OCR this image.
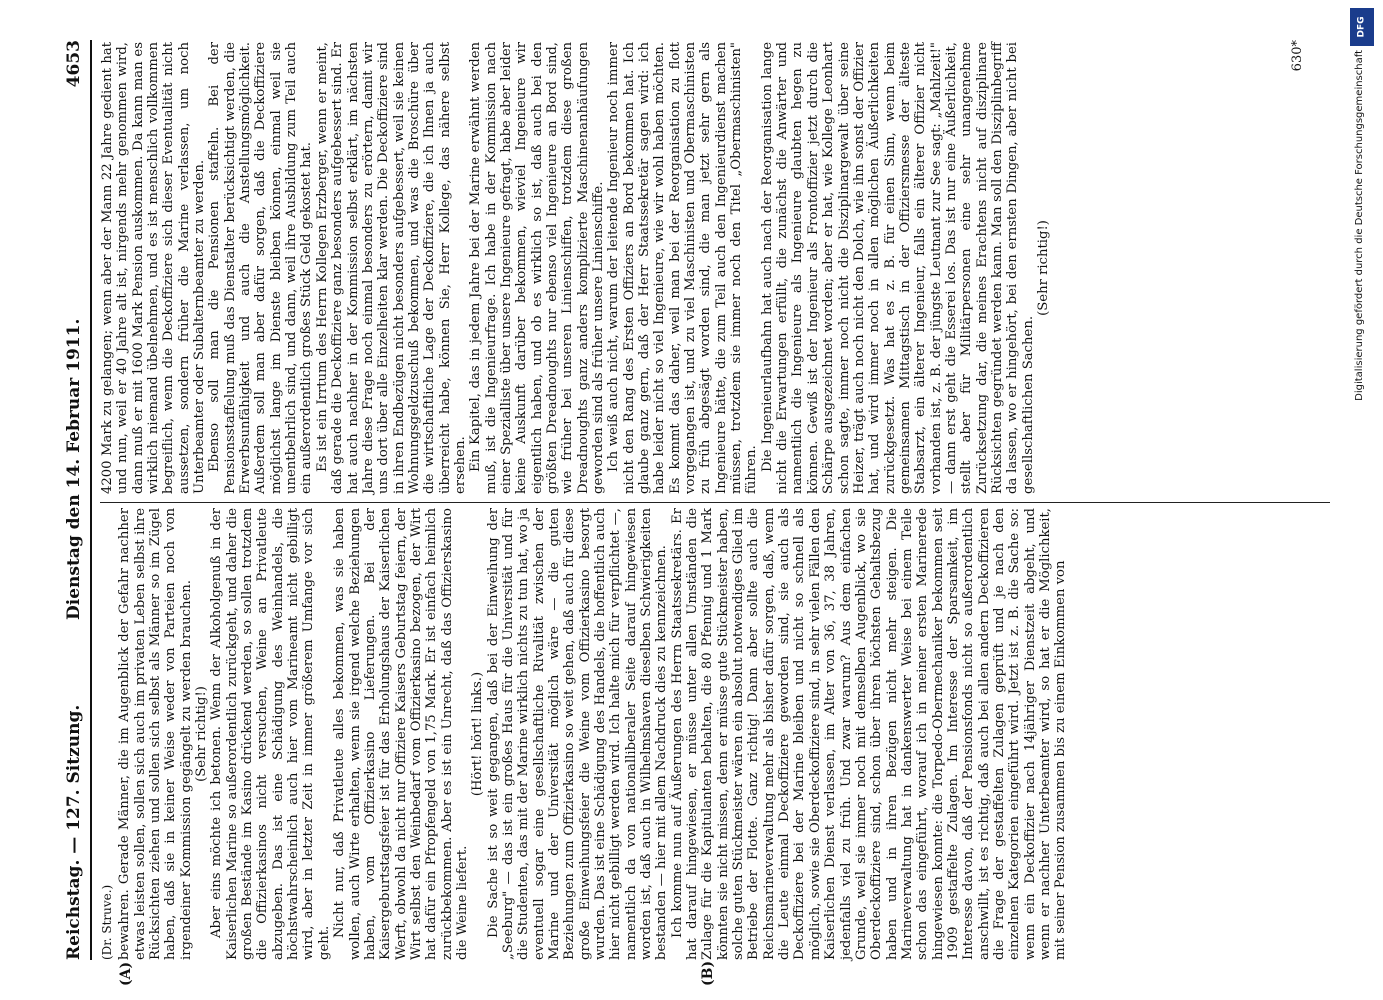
Reichstag. — 127. Sitzung.
Dienstag den 14. Februar 1911.
4653
(A)	(B)
(Dr. Struve.) bewahren. Gerade Männer, die im Augenblick der Gefahr nachher etwas leisten sollen, sollen sich auch im privaten Leben selbst ihre Rücksichten ziehen und sollen sich selbst als Männer so im Zügel haben, daß sie in keiner Weise weder von Parteien noch von irgendeiner Kommission gegängelt zu werden brauchen. (Sehr richtig!) Aber eins möchte ich betonen. Wenn der Alkoholgenuß in der Kaiserlichen Marine so außerordentlich zurückgeht, und daher die großen Bestände im Kasino drückend werden, so sollen trotzdem die Offizierkasinos nicht versuchen, Weine an Privatleute abzugeben. Das ist eine Schädigung des Weinhandels, die höchstwahrscheinlich auch hier vom Marineamt nicht gebilligt wird, aber in letzter Zeit in immer größerem Umfange vor sich geht.

Nicht nur, daß Privatleute alles bekommen, was sie haben wollen, auch Wirte erhalten, wenn sie irgend welche Beziehungen haben, vom Offizierkasino Lieferungen. Bei der Kaisergeburtstagsfeier ist für das Erholungshaus der Kaiserlichen Werft, obwohl da nicht nur Offiziere Kaisers Geburtstag feiern, der Wirt selbst den Weinbedarf vom Offizierkasino bezogen, der Wirt hat dafür ein Pfropfengeld von 1,75 Mark. Er ist einfach heimlich zurückbekommen. Aber es ist ein Unrecht, daß das Offizierskasino die Weine liefert.

(Hört! hört! links.) Die Sache ist so weit gegangen, daß bei der Einweihung der „Seeburg" — das ist ein großes Haus für die Universität und für die Studenten, das mit der Marine wirklich nichts zu tun hat, wo ja eventuell sogar eine gesellschaftliche Rivalität zwischen der Marine und der Universität möglich wäre — die guten Beziehungen zum Offizierkasino so weit gehen, daß auch für diese große Einweihungsfeier die Weine vom Offizierkasino besorgt wurden. Das ist eine Schädigung des Handels, die hoffentlich auch hier nicht gebilligt werden wird. Ich halte mich für verpflichtet —, namentlich da von nationalliberaler Seite darauf hingewiesen worden ist, daß auch in Wilhelmshaven dieselben Schwierigkeiten bestanden — hier mit allem Nachdruck dies zu kennzeichnen. Ich komme nun auf Äußerungen des Herrn Staatssekretärs. Er hat darauf hingewiesen, er müsse unter allen Umständen die Zulage für die Kapitulanten behalten, die 80 Pfennig und 1 Mark könnten sie nicht missen, denn er müsse gute Stückmeister haben, solche guten Stückmeister wären ein absolut notwendiges Glied im Betriebe der Flotte. Ganz richtig! Dann aber sollte auch die Reichsmarineverwaltung mehr als bisher dafür sorgen, daß, wenn die Leute einmal Deckoffiziere geworden sind, sie auch als Deckoffiziere bei der Marine bleiben und nicht so schnell als möglich, sowie sie Oberdeckoffiziere sind, in sehr vielen Fällen den Kaiserlichen Dienst verlassen, im Alter von 36, 37, 38 Jahren, jedenfalls viel zu früh. Und zwar warum? Aus dem einfachen Grunde, weil sie immer noch mit demselben Augenblick, wo sie Oberdeckoffiziere sind, schon über ihren höchsten Gehaltsbezug haben und in ihren Bezügen nicht mehr steigen. Die Marineverwaltung hat in dankenswerter Weise bei einem Teile schon das eingeführt, worauf ich in meiner ersten Marinerede hingewiesen konnte: die Torpedo-Obermechaniker bekommen seit 1909 gestaffelte Zulagen. Im Interesse der Sparsamkeit, im Interesse davon, daß der Pensionsfonds nicht so außerordentlich anschwillt, ist es richtig, daß auch bei allen andern Deckoffizieren die Frage der gestaffelten Zulagen geprüft und je nach den einzelnen Kategorien eingeführt wird. Jetzt ist z. B. die Sache so: wenn ein Deckoffizier nach 14jähriger Dienstzeit abgeht, und wenn er nachher Unterbeamter wird, so hat er die Möglichkeit, mit seiner Pension zusammen bis zu einem Einkommen von

4200 Mark zu gelangen; wenn aber der Mann 22 Jahre gedient hat und nun, weil er 40 Jahre alt ist, nirgends mehr genommen wird, dann muß er mit 1600 Mark Pension auskommen. Da kann man es wirklich niemand übelnehmen, und es ist menschlich vollkommen begreiflich, wenn die Deckoffiziere sich dieser Eventualität nicht aussetzen, sondern früher die Marine verlassen, um noch Unterbeamter oder Subalternbeamter zu werden. Ebenso soll man die Pensionen staffeln. Bei der Pensionsstaffelung muß das Dienstalter berücksichtigt werden, die Erwerbsunfähigkeit und auch die Anstellungsmöglichkeit. Außerdem soll man aber dafür sorgen, daß die Deckoffiziere möglichst lange im Dienste bleiben können, einmal weil sie unentbehrlich sind, und dann, weil ihre Ausbildung zum Teil auch ein außerordentlich großes Stück Geld gekostet hat. Es ist ein Irrtum des Herrn Kollegen Erzberger, wenn er meint, daß gerade die Deckoffiziere ganz besonders aufgebessert sind. Er hat auch nachher in der Kommission selbst erklärt, im nächsten Jahre diese Frage noch einmal besonders zu erörtern, damit wir uns dort über alle Einzelheiten klar werden. Die Deckoffiziere sind in ihren Endbezügen nicht besonders aufgebessert, weil sie keinen Wohnungsgeldzuschuß bekommen, und was die Broschüre über die wirtschaftliche Lage der Deckoffiziere, die ich Ihnen ja auch überreicht habe, können Sie, Herr Kollege, das nähere selbst ersehen. Ein Kapitel, das in jedem Jahre bei der Marine erwähnt werden muß, ist die Ingenieurfrage. Ich habe in der Kommission nach einer Spezialliste über unsere Ingenieure gefragt, habe aber leider keine Auskunft darüber bekommen, wieviel Ingenieure wir eigentlich haben, und ob es wirklich so ist, daß auch bei den größten Dreadnoughts nur ebenso viel Ingenieure an Bord sind, wie früher bei unseren Linienschiffen, trotzdem diese großen Dreadnoughts ganz anders komplizierte Maschinenanhäufungen geworden sind als früher unsere Linienschiffe. Ich weiß auch nicht, warum der leitende Ingenieur noch immer nicht den Rang des Ersten Offiziers an Bord bekommen hat. Ich glaube ganz gern, daß der Herr Staatssekretär sagen wird: ich habe leider nicht so viel Ingenieure, wie wir wohl haben möchten. Es kommt das daher, weil man bei der Reorganisation zu flott vorgegangen ist, und zu viel Maschinisten und Obermaschinisten zu früh abgesägt worden sind, die man jetzt sehr gern als Ingenieure hätte, die zum Teil auch den Ingenieurdienst machen müssen, trotzdem sie immer noch den Titel „Obermaschinisten" führen. Die Ingenieurlaufbahn hat auch nach der Reorganisation lange nicht die Erwartungen erfüllt, die zunächst die Anwärter und namentlich die Ingenieure als Ingenieure glaubten hegen zu können. Gewiß ist der Ingenieur als Frontoffizier jetzt durch die Schärpe ausgezeichnet worden; aber er hat, wie Kollege Leonhart schon sagte, immer noch nicht die Disziplinargewalt über seine Heizer, trägt auch noch nicht den Dolch, wie ihn sonst der Offizier hat, und wird immer noch in allen möglichen Äußerlichkeiten zurückgesetzt. Was hat es z. B. für einen Sinn, wenn beim gemeinsamen Mittagstisch in der Offiziersmesse der älteste Stabsarzt, ein älterer Ingenieur, falls ein älterer Offizier nicht vorhanden ist, z. B. der jüngste Leutnant zur See sagt: „Mahlzeit!" — dann erst geht die Esserei los. Das ist nur eine Äußerlichkeit, stellt aber für Militärpersonen eine sehr unangenehme Zurücksetzung dar, die meines Erachtens nicht auf disziplinare Rücksichten gegründet werden kann. Man soll den Disziplinbegriff da lassen, wo er hingehört, bei den ernsten Dingen, aber nicht bei gesellschaftlichen Sachen.

(Sehr richtig!)

630*
DFG
Digitalisierung gefördert durch die Deutsche Forschungsgemeinschaft
